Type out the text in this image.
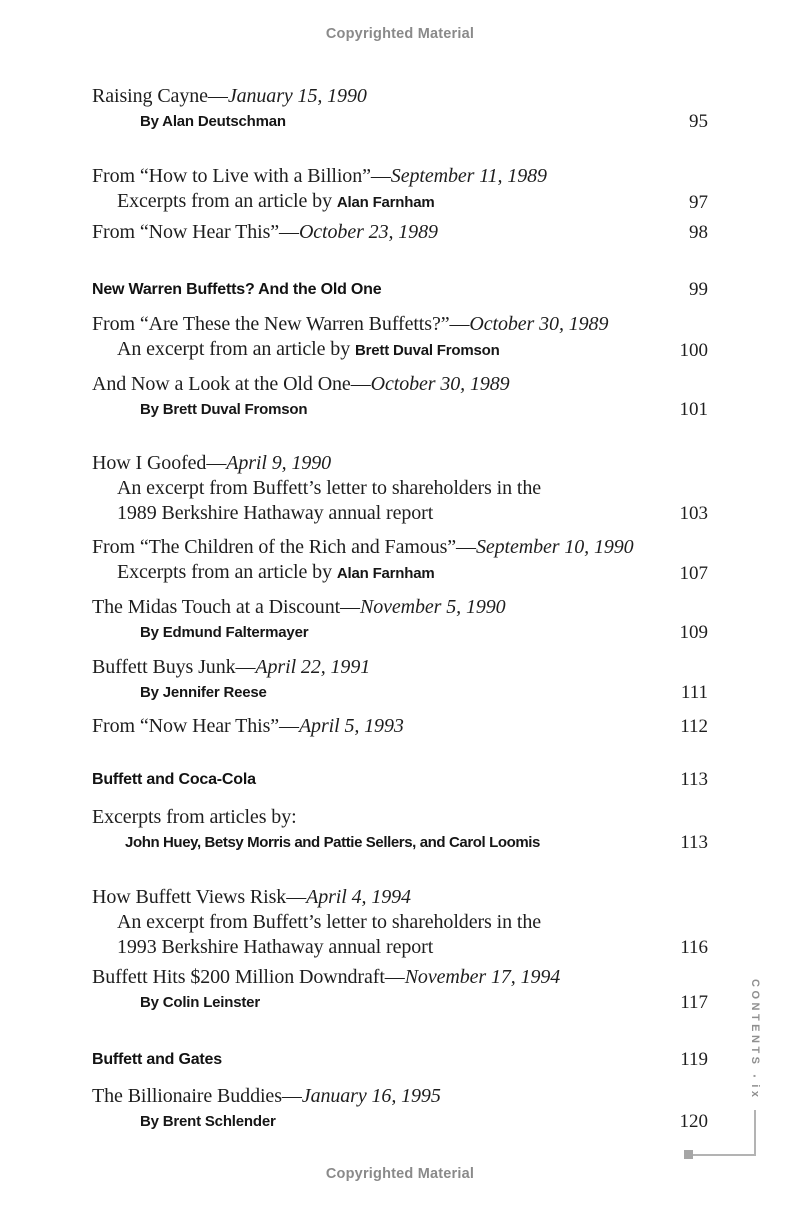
Copyrighted Material
Raising Cayne—January 15, 1990
By Alan Deutschman	95
From “How to Live with a Billion”—September 11, 1989
Excerpts from an article by Alan Farnham	97
From “Now Hear This”—October 23, 1989	98
New Warren Buffetts? And the Old One	99
From “Are These the New Warren Buffetts?”—October 30, 1989
An excerpt from an article by Brett Duval Fromson	100
And Now a Look at the Old One—October 30, 1989
By Brett Duval Fromson	101
How I Goofed—April 9, 1990
An excerpt from Buffett’s letter to shareholders in the
1989 Berkshire Hathaway annual report	103
From “The Children of the Rich and Famous”—September 10, 1990
Excerpts from an article by Alan Farnham	107
The Midas Touch at a Discount—November 5, 1990
By Edmund Faltermayer	109
Buffett Buys Junk—April 22, 1991
By Jennifer Reese	111
From “Now Hear This”—April 5, 1993	112
Buffett and Coca-Cola	113
Excerpts from articles by:
John Huey, Betsy Morris and Pattie Sellers, and Carol Loomis	113
How Buffett Views Risk—April 4, 1994
An excerpt from Buffett’s letter to shareholders in the
1993 Berkshire Hathaway annual report	116
Buffett Hits $200 Million Downdraft—November 17, 1994
By Colin Leinster	117
Buffett and Gates	119
The Billionaire Buddies—January 16, 1995
By Brent Schlender	120
CONTENTS▪ix
Copyrighted Material
